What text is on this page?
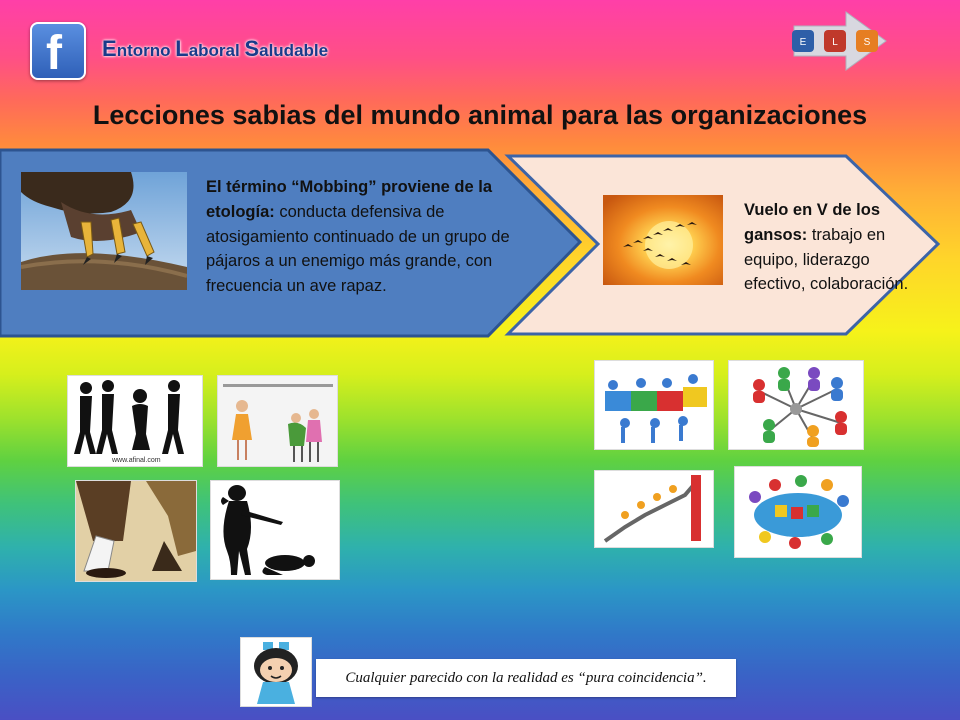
f Entorno Laboral Saludable	E	L	S
Lecciones sabias del mundo animal para las organizaciones
El término “Mobbing” proviene de la etología: conducta defensiva de atosigamiento continuado de un grupo de pájaros a un enemigo más grande, con frecuencia un ave rapaz.
Vuelo en V de los gansos: trabajo en equipo, liderazgo efectivo, colaboración.
www.afinal.com
Cualquier parecido con la realidad es “pura coincidencia”.
